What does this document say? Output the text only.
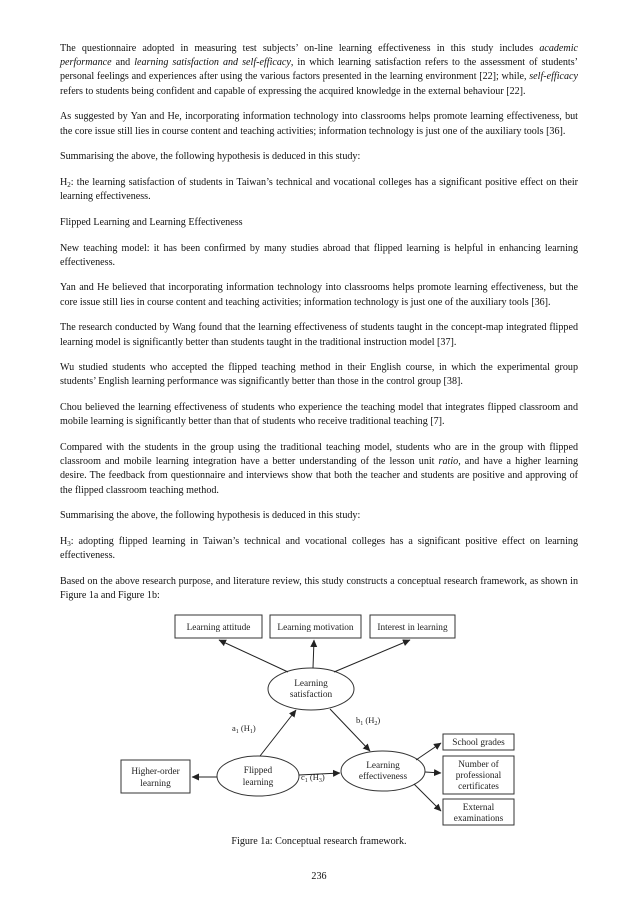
The questionnaire adopted in measuring test subjects’ on-line learning effectiveness in this study includes academic performance and learning satisfaction and self-efficacy, in which learning satisfaction refers to the assessment of students’ personal feelings and experiences after using the various factors presented in the learning environment [22]; while, self-efficacy refers to students being confident and capable of expressing the acquired knowledge in the external behaviour [22].

As suggested by Yan and He, incorporating information technology into classrooms helps promote learning effectiveness, but the core issue still lies in course content and teaching activities; information technology is just one of the auxiliary tools [36].

Summarising the above, the following hypothesis is deduced in this study:

$H_2$: the learning satisfaction of students in Taiwan’s technical and vocational colleges has a significant positive effect on their learning effectiveness.

Flipped Learning and Learning Effectiveness

New teaching model: it has been confirmed by many studies abroad that flipped learning is helpful in enhancing learning effectiveness.

Yan and He believed that incorporating information technology into classrooms helps promote learning effectiveness, but the core issue still lies in course content and teaching activities; information technology is just one of the auxiliary tools [36].

The research conducted by Wang found that the learning effectiveness of students taught in the concept-map integrated flipped learning model is significantly better than students taught in the traditional instruction model [37].

Wu studied students who accepted the flipped teaching method in their English course, in which the experimental group students’ English learning performance was significantly better than those in the control group [38].

Chou believed the learning effectiveness of students who experience the teaching model that integrates flipped classroom and mobile learning is significantly better than that of students who receive traditional teaching [7].

Compared with the students in the group using the traditional teaching model, students who are in the group with flipped classroom and mobile learning integration have a better understanding of the lesson unit ratio, and have a higher learning desire. The feedback from questionnaire and interviews show that both the teacher and students are positive and approving of the flipped classroom teaching method.

Summarising the above, the following hypothesis is deduced in this study:

$H_3$: adopting flipped learning in Taiwan’s technical and vocational colleges has a significant positive effect on learning effectiveness.

Based on the above research purpose, and literature review, this study constructs a conceptual research framework, as shown in Figure 1a and Figure 1b:

Learning attitude	Learning motivation	Interest in learning
Learning
satisfaction
Flipped
learning
Learning
effectiveness
Higher-order
learning
School grades
Number of
professional
certificates
External
examinations
$a_1$ $(H_1)$
$b_1$ $(H_2)$
$c_1$ $(H_3)$
Figure 1a: Conceptual research framework.
236
